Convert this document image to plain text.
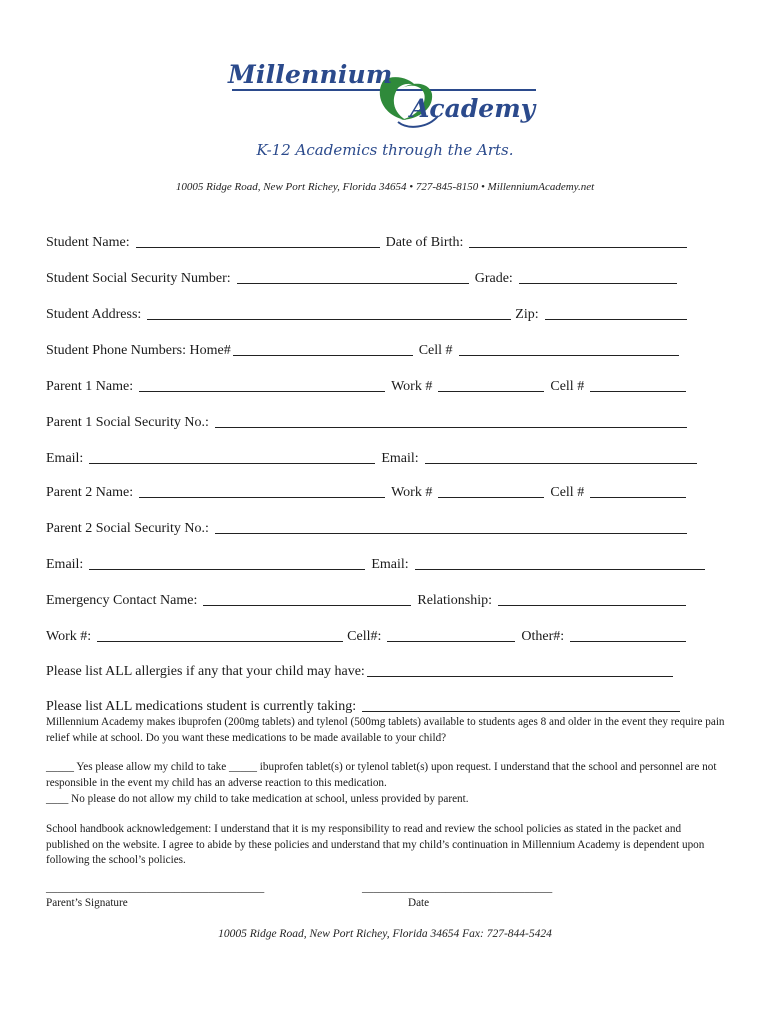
Millennium
Academy
K-12 Academics through the Arts.
10005 Ridge Road, New Port Richey, Florida 34654 • 727-845-8150 • MillenniumAcademy.net
Student Name:	Date of Birth:
Student Social Security Number:	Grade:
Student Address:	Zip:
Student Phone Numbers: Home#	Cell #
Parent 1 Name:	Work #	Cell #
Parent 1 Social Security No.:
Email:	Email:
Parent 2 Name:	Work #	Cell #
Parent 2 Social Security No.:
Email:	Email:
Emergency Contact Name:	Relationship:
Work #:	Cell#:	Other#:
Please list ALL allergies if any that your child may have:
Please list ALL medications student is currently taking:
Millennium Academy makes ibuprofen (200mg tablets) and tylenol (500mg tablets) available to students ages 8 and older in the event they require pain relief while at school. Do you want these medications to be made available to your child?
_____ Yes please allow my child to take _____ ibuprofen tablet(s) or tylenol tablet(s) upon request. I understand that the school and personnel are not responsible in the event my child has an adverse reaction to this medication.
____ No please do not allow my child to take medication at school, unless provided by parent.
School handbook acknowledgement: I understand that it is my responsibility to read and review the school policies as stated in the packet and published on the website. I agree to abide by these policies and understand that my child’s continuation in Millennium Academy is dependent upon following the school’s policies.
_______________________________________	__________________________________
Parent’s Signature	Date
10005 Ridge Road, New Port Richey, Florida 34654 Fax: 727-844-5424
